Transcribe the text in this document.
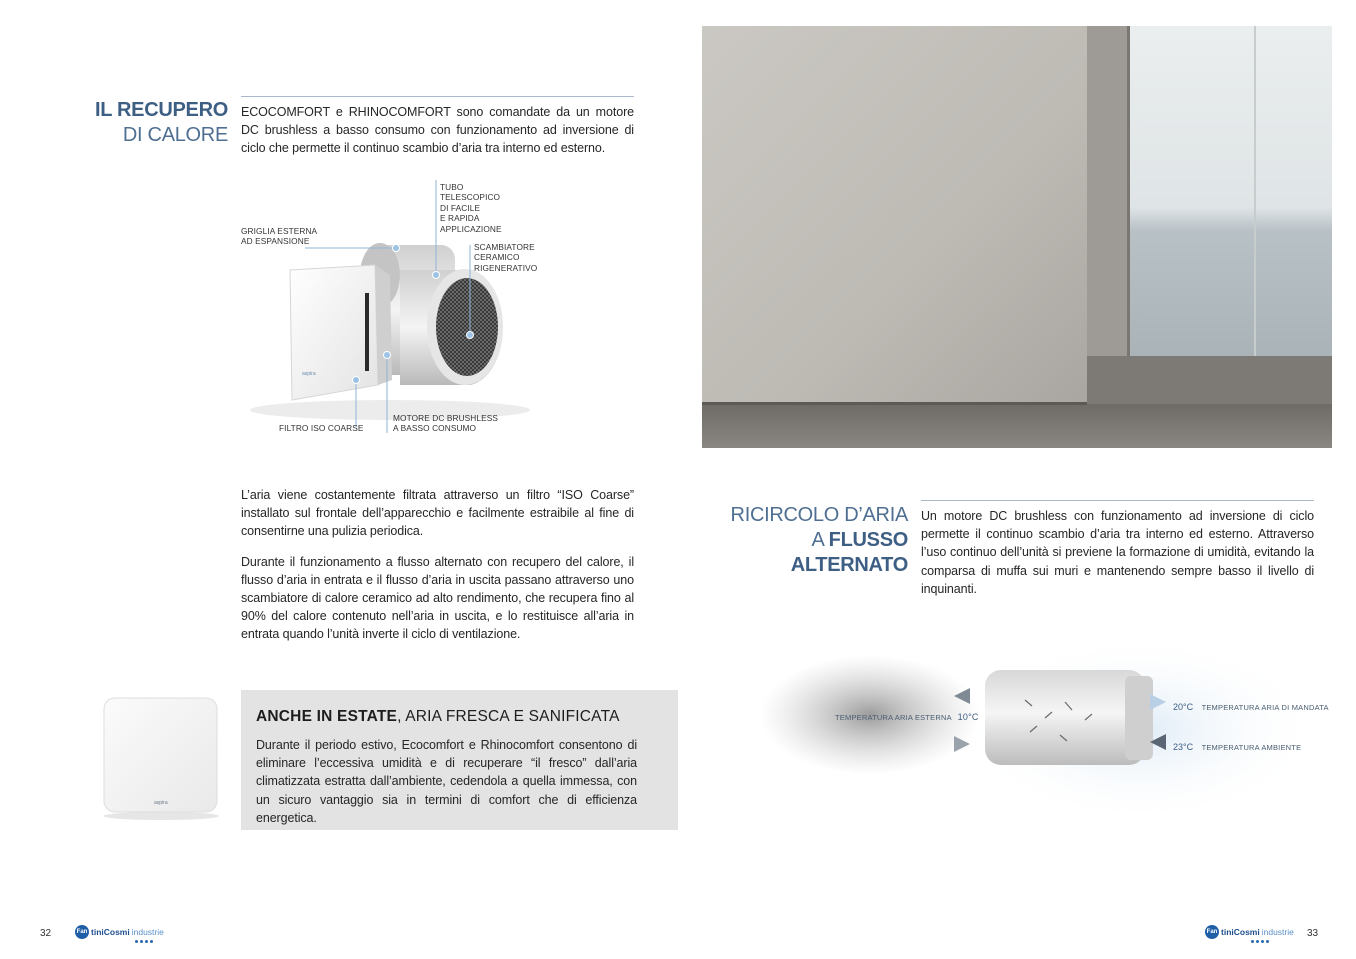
IL RECUPERO
DI CALORE
ECOCOMFORT e RHINOCOMFORT sono comandate da un motore DC brushless a basso consumo con funzionamento ad inversione di ciclo che permette il continuo scambio d’aria tra interno ed esterno.
aspira
GRIGLIA ESTERNA
AD ESPANSIONE
TUBO
TELESCOPICO
DI FACILE
E RAPIDA
APPLICAZIONE
SCAMBIATORE
CERAMICO
RIGENERATIVO
FILTRO ISO COARSE
MOTORE DC BRUSHLESS
A BASSO CONSUMO

L’aria viene costantemente filtrata attraverso un filtro “ISO Coarse” installato sul frontale dell’apparecchio e facilmente estraibile al fine di consentirne una pulizia periodica.

Durante il funzionamento a flusso alternato con recupero del calore, il flusso d’aria in entrata e il flusso d’aria in uscita passano attraverso uno scambiatore di calore ceramico ad alto rendimento, che recupera fino al 90% del calore contenuto nell’aria in uscita, e lo restituisce all’aria in entrata quando l’unità inverte il ciclo di ventilazione.

aspira
ANCHE IN ESTATE, ARIA FRESCA E SANIFICATA
Durante il periodo estivo, Ecocomfort e Rhinocomfort consentono di eliminare l’eccessiva umidità e di recuperare “il fresco” dall’aria climatizzata estratta dall’ambiente, cedendola a quella immessa, con un sicuro vantaggio sia in termini di comfort che di efficienza energetica.
32	Fan tiniCosmi industrie
RICIRCOLO D’ARIA
A FLUSSO ALTERNATO
Un motore DC brushless con funzionamento ad inversione di ciclo permette il continuo scambio d’aria tra interno ed esterno. Attraverso l’uso continuo dell’unità si previene la formazione di umidità, evitando la comparsa di muffa sui muri e mantenendo sempre basso il livello di inquinanti.
TEMPERATURA ARIA ESTERNA 10°C
20°C TEMPERATURA ARIA DI MANDATA
23°C TEMPERATURA AMBIENTE
Fan tiniCosmi industrie 33
